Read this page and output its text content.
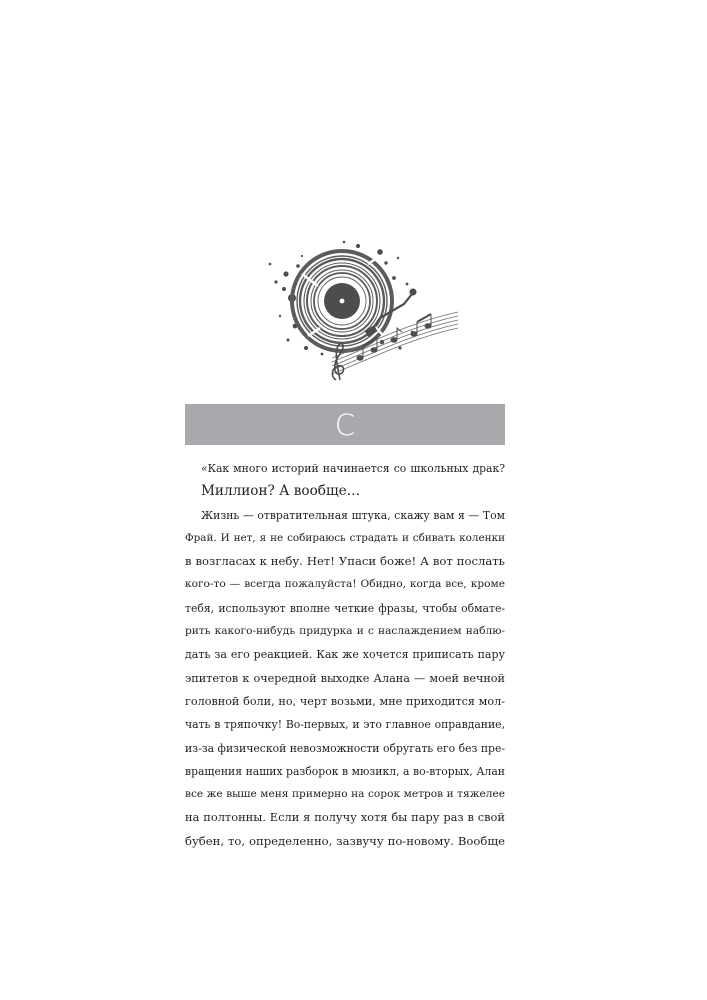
С
«Как много историй начинается со школьных драк?
Миллион? А вообще…
Жизнь — отвратительная штука, скажу вам я — Том
Фрай. И нет, я не собираюсь страдать и сбивать коленки
в возгласах к небу. Нет! Упаси боже! А вот послать
кого-то — всегда пожалуйста! Обидно, когда все, кроме
тебя, используют вполне четкие фразы, чтобы обмате-
рить какого-нибудь придурка и с наслаждением наблю-
дать за его реакцией. Как же хочется приписать пару
эпитетов к очередной выходке Алана — моей вечной
головной боли, но, черт возьми, мне приходится мол-
чать в тряпочку! Во-первых, и это главное оправдание,
из-за физической невозможности обругать его без пре-
вращения наших разборок в мюзикл, а во-вторых, Алан
все же выше меня примерно на сорок метров и тяжелее
на полтонны. Если я получу хотя бы пару раз в свой
бубен, то, определенно, зазвучу по-новому. Вообще
